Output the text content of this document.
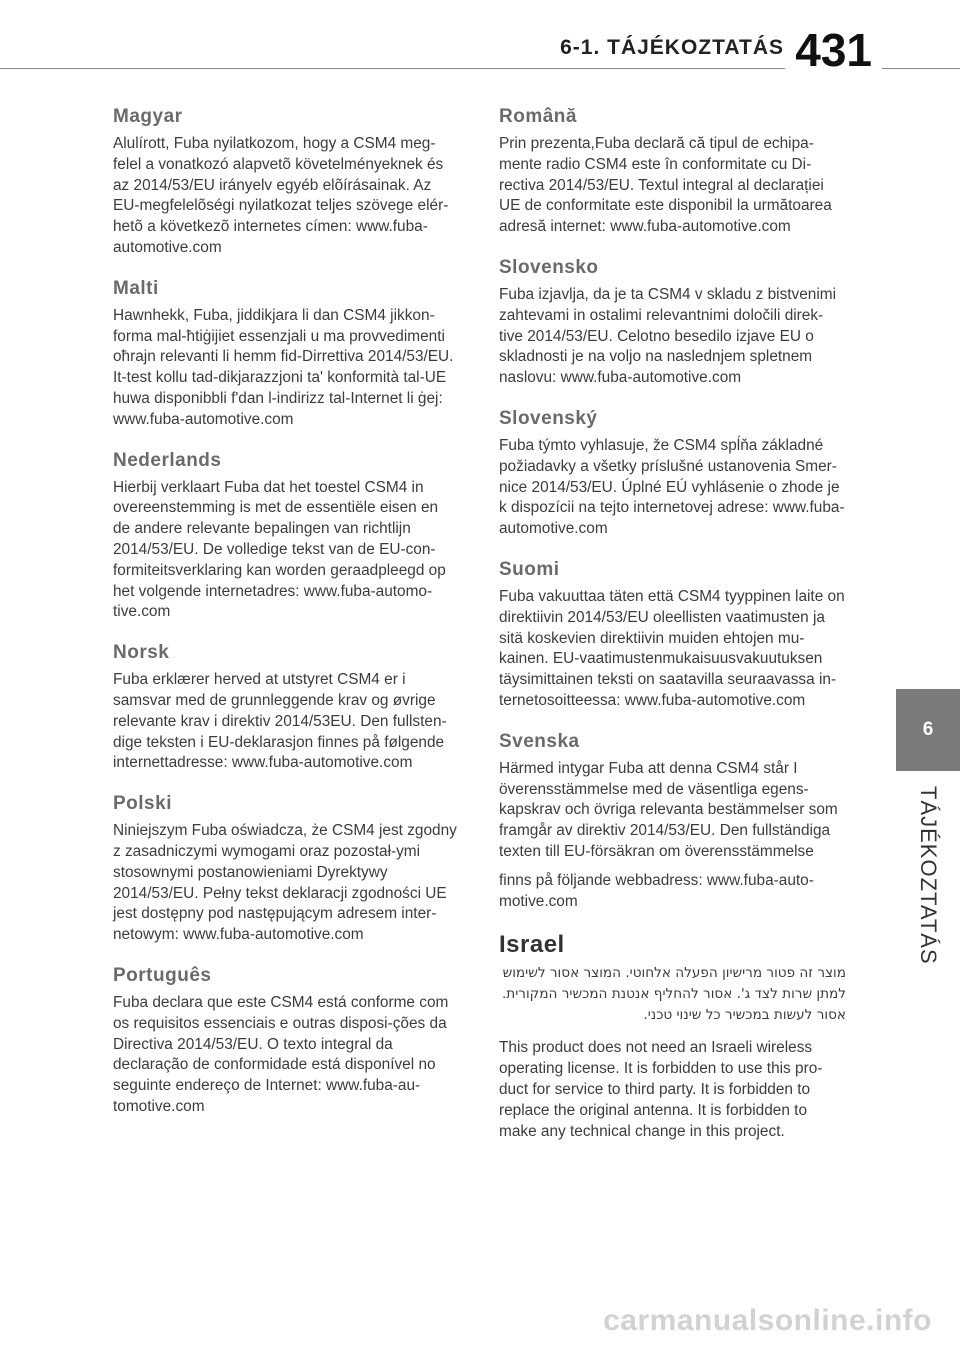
6-1. TÁJÉKOZTATÁS 431
Magyar

Alulírott, Fuba nyilatkozom, hogy a CSM4 meg-felel a vonatkozó alapvetõ követelményeknek és az 2014/53/EU irányelv egyéb elõírásainak. Az EU-megfelelõségi nyilatkozat teljes szövege elér-hetõ a következõ internetes címen: www.fuba-automotive.com

Malti

Hawnhekk, Fuba, jiddikjara li dan CSM4 jikkon-forma mal-ħtiġijiet essenzjali u ma provvedimenti oħrajn relevanti li hemm fid-Dirrettiva 2014/53/EU. It-test kollu tad-dikjarazzjoni ta' konformità tal-UE huwa disponibbli f'dan l-indirizz tal-Internet li ġej: www.fuba-automotive.com

Nederlands

Hierbij verklaart Fuba dat het toestel CSM4 in overeenstemming is met de essentiële eisen en de andere relevante bepalingen van richtlijn 2014/53/EU. De volledige tekst van de EU-con-formiteitsverklaring kan worden geraadpleegd op het volgende internetadres: www.fuba-automo-tive.com

Norsk

Fuba erklærer herved at utstyret CSM4 er i samsvar med de grunnleggende krav og øvrige relevante krav i direktiv 2014/53EU. Den fullsten-dige teksten i EU-deklarasjon finnes på følgende internettadresse: www.fuba-automotive.com

Polski

Niniejszym Fuba oświadcza, że CSM4 jest zgodny z zasadniczymi wymogami oraz pozostał-ymi stosownymi postanowieniami Dyrektywy 2014/53/EU. Pełny tekst deklaracji zgodności UE jest dostępny pod następującym adresem inter-netowym: www.fuba-automotive.com

Português

Fuba declara que este CSM4 está conforme com os requisitos essenciais e outras disposi-ções da Directiva 2014/53/EU. O texto integral da declaração de conformidade está disponível no seguinte endereço de Internet: www.fuba-au-tomotive.com

Română

Prin prezenta,Fuba declară că tipul de echipa-mente radio CSM4 este în conformitate cu Di-rectiva 2014/53/EU. Textul integral al declarației UE de conformitate este disponibil la următoarea adresă internet: www.fuba-automotive.com

Slovensko

Fuba izjavlja, da je ta CSM4 v skladu z bistvenimi zahtevami in ostalimi relevantnimi določili direk-tive 2014/53/EU. Celotno besedilo izjave EU o skladnosti je na voljo na naslednjem spletnem naslovu: www.fuba-automotive.com

Slovenský

Fuba týmto vyhlasuje, že CSM4 spĺňa základné požiadavky a všetky príslušné ustanovenia Smer-nice 2014/53/EU. Úplné EÚ vyhlásenie o zhode je k dispozícii na tejto internetovej adrese: www.fuba-automotive.com

Suomi

Fuba vakuuttaa täten että CSM4 tyyppinen laite on direktiivin 2014/53/EU oleellisten vaatimusten ja sitä koskevien direktiivin muiden ehtojen mu-kainen. EU-vaatimustenmukaisuusvakuutuksen täysimittainen teksti on saatavilla seuraavassa in-ternetosoitteessa: www.fuba-automotive.com

Svenska

Härmed intygar Fuba att denna CSM4 står I överensstämmelse med de väsentliga egens-kapskrav och övriga relevanta bestämmelser som framgår av direktiv 2014/53/EU. Den fullständiga texten till EU-försäkran om överensstämmelse

finns på följande webbadress: www.fuba-auto-motive.com

Israel

מוצר זה פטור מרישיון הפעלה אלחוטי. המוצר אסור לשימוש למתן שרות לצד ג'. אסור להחליף אנטנת המכשיר המקורית. אסור לעשות במכשיר כל שינוי טכני.

This product does not need an Israeli wireless operating license. It is forbidden to use this pro-duct for service to third party. It is forbidden to replace the original antenna. It is forbidden to make any technical change in this project.

6
TÁJÉKOZTATÁS
carmanualsonline.info
